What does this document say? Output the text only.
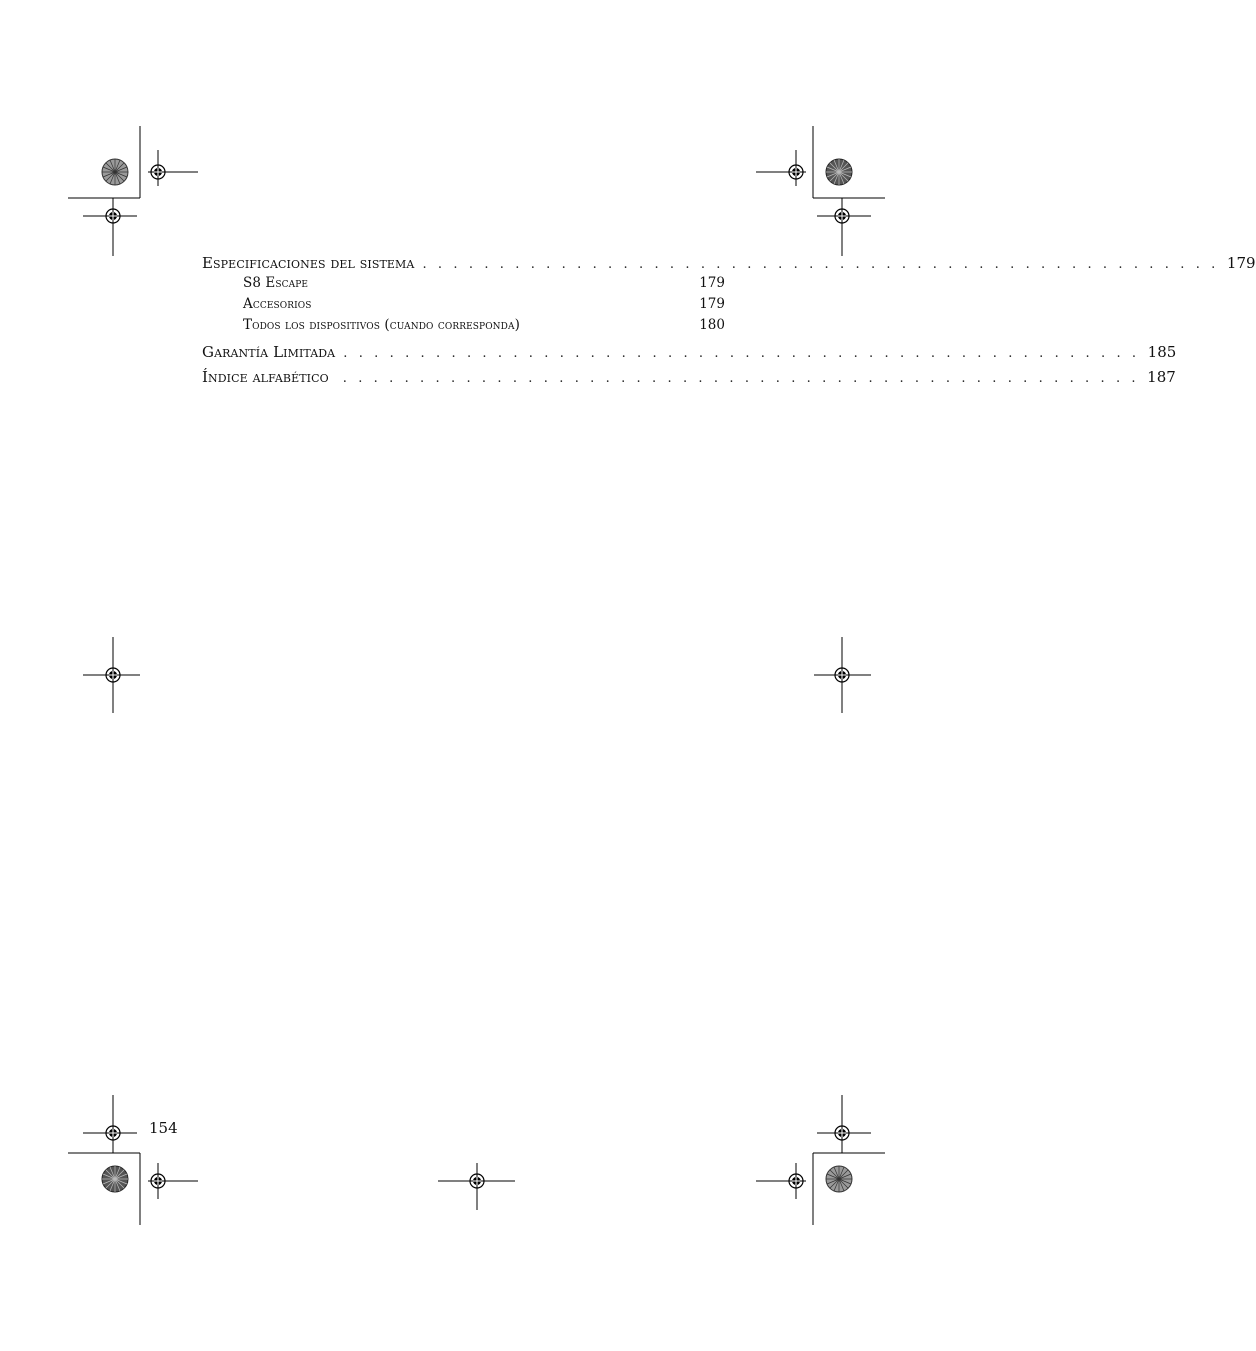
Especificaciones del sistema . . . . . . . . . . . . . . . . . . . . . . . . . . . . . . . . . . . . . . . . . . . . . . . . . . . . 179
S8 Escape	179
Accesorios	179
Todos los dispositivos (cuando corresponda)	180
Garantía Limitada . . . . . . . . . . . . . . . . . . . . . . . . . . . . . . . . . . . . . . . . . . . . . . . . . . . . 185
Índice alfabético . . . . . . . . . . . . . . . . . . . . . . . . . . . . . . . . . . . . . . . . . . . . . . . . . . . . 187
154
